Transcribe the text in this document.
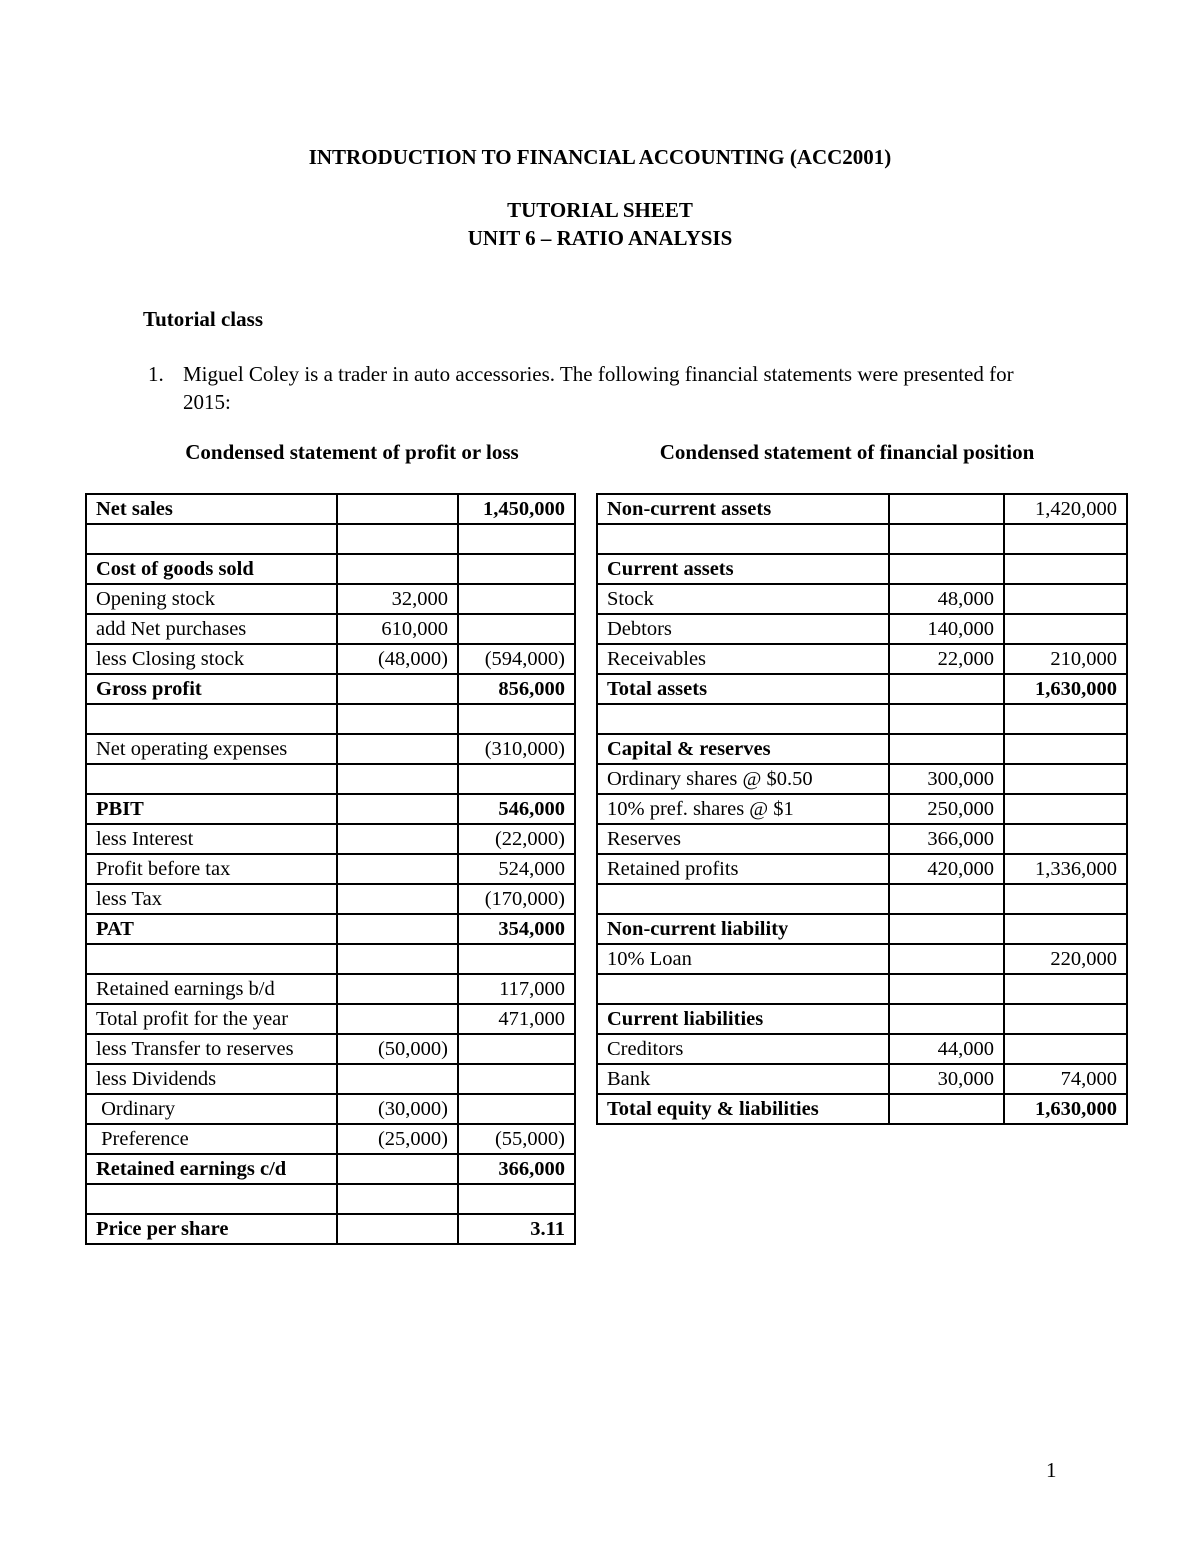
INTRODUCTION TO FINANCIAL ACCOUNTING (ACC2001)
TUTORIAL SHEET
UNIT 6 – RATIO ANALYSIS
Tutorial class
1. Miguel Coley is a trader in auto accessories. The following financial statements were presented for 2015:
Condensed statement of profit or loss	Condensed statement of financial position
Net sales		1,450,000

Cost of goods sold		
Opening stock	32,000	
add Net purchases	610,000	
less Closing stock	(48,000)	(594,000)
Gross profit		856,000

Net operating expenses		(310,000)

PBIT		546,000
less Interest		(22,000)
Profit before tax		524,000
less Tax		(170,000)
PAT		354,000

Retained earnings b/d		117,000
Total profit for the year		471,000
less Transfer to reserves	(50,000)	
less Dividends		
Ordinary	(30,000)	
Preference	(25,000)	(55,000)
Retained earnings c/d		366,000

Price per share		3.11
Non-current assets		1,420,000

Current assets		
Stock	48,000	
Debtors	140,000	
Receivables	22,000	210,000
Total assets		1,630,000

Capital & reserves		
Ordinary shares @ $0.50	300,000	
10% pref. shares @ $1	250,000	
Reserves	366,000	
Retained profits	420,000	1,336,000

Non-current liability		
10% Loan		220,000

Current liabilities		
Creditors	44,000	
Bank	30,000	74,000
Total equity & liabilities		1,630,000
1
